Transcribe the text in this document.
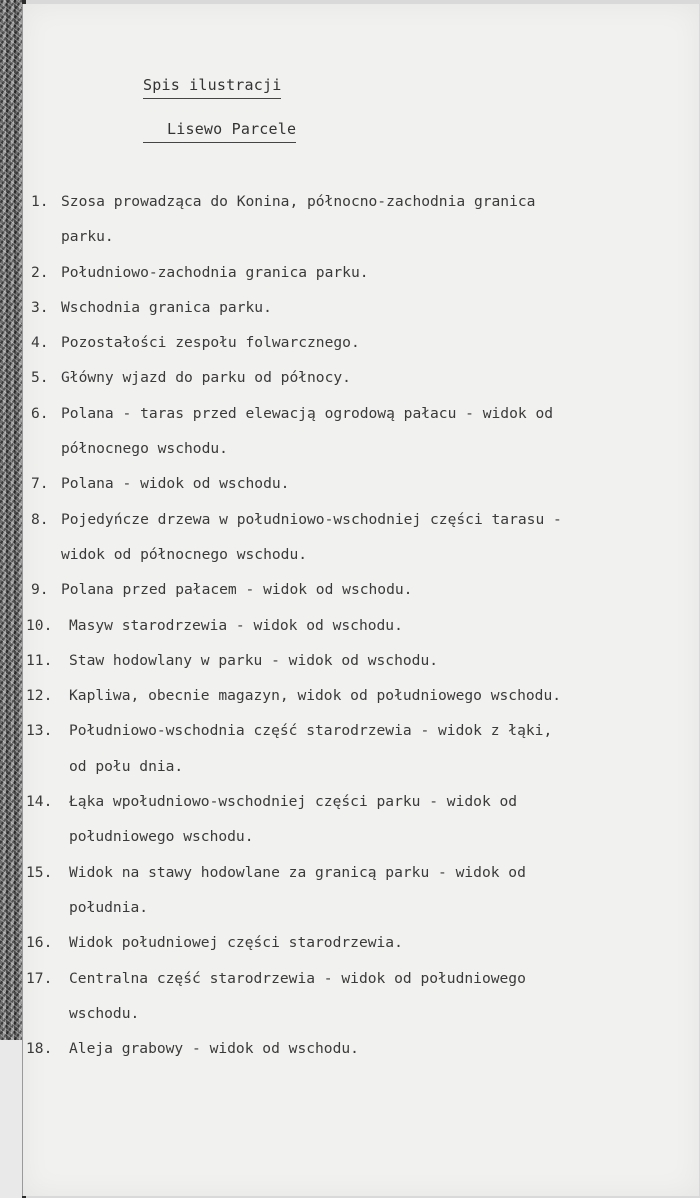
Spis ilustracji
Lisewo Parcele
1. Szosa prowadząca do Konina, północno-zachodnia granica
parku.
2. Południowo-zachodnia granica parku.
3. Wschodnia granica parku.
4. Pozostałości zespołu folwarcznego.
5. Główny wjazd do parku od północy.
6. Polana - taras przed elewacją ogrodową pałacu - widok od
północnego wschodu.
7. Polana - widok od wschodu.
8. Pojedyńcze drzewa w południowo-wschodniej części tarasu -
widok od północnego wschodu.
9. Polana przed pałacem - widok od wschodu.
10. Masyw starodrzewia - widok od wschodu.
11. Staw hodowlany w parku - widok od wschodu.
12. Kapliwa, obecnie magazyn, widok od południowego wschodu.
13. Południowo-wschodnia część starodrzewia - widok z łąki,
od połu dnia.
14. Łąka wpołudniowo-wschodniej części parku - widok od
południowego wschodu.
15. Widok na stawy hodowlane za granicą parku - widok od
południa.
16. Widok południowej części starodrzewia.
17. Centralna część starodrzewia - widok od południowego
wschodu.
18. Aleja grabowy - widok od wschodu.
